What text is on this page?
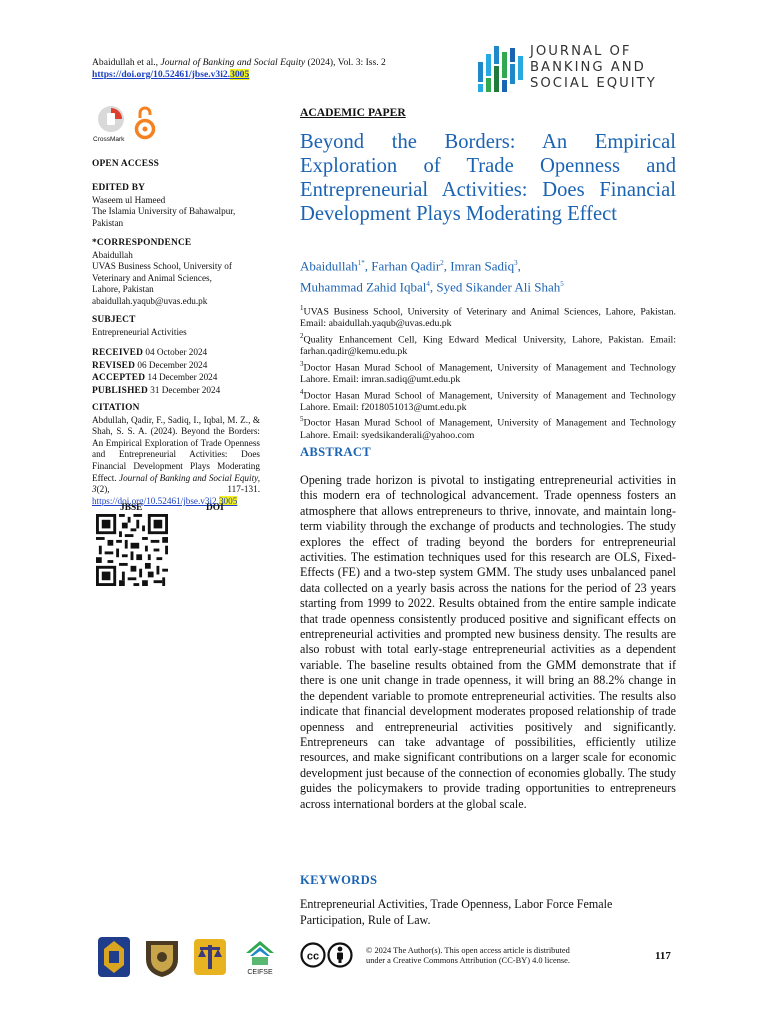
Abaidullah et al., Journal of Banking and Social Equity (2024), Vol. 3: Iss. 2
https://doi.org/10.52461/jbse.v3i2.3005
JOURNAL OF
BANKING AND
SOCIAL EQUITY
CrossMark
OPEN ACCESS
EDITED BY
Waseem ul Hameed
The Islamia University of Bahawalpur,
Pakistan
*CORRESPONDENCE
Abaidullah
UVAS Business School, University of
Veterinary and Animal Sciences,
Lahore, Pakistan
abaidullah.yaqub@uvas.edu.pk
SUBJECT
Entrepreneurial Activities
RECEIVED 04 October 2024
REVISED 06 December 2024
ACCEPTED 14 December 2024
PUBLISHED 31 December 2024
CITATION
Abdullah, Qadir, F., Sadiq, I., Iqbal, M. Z., & Shah, S. S. A. (2024). Beyond the Borders: An Empirical Exploration of Trade Openness and Entrepreneurial Activities: Does Financial Development Plays Moderating Effect. Journal of Banking and Social Equity, 3(2), 117-131. https://doi.org/10.52461/jbse.v3i2.3005
JBSE	DOI
ACADEMIC PAPER
Beyond the Borders: An Empirical Exploration of Trade Openness and Entrepreneurial Activities: Does Financial Development Plays Moderating Effect
Abaidullah$^{1*}$, Farhan Qadir$^2$, Imran Sadiq$^3$,
Muhammad Zahid Iqbal$^4$, Syed Sikander Ali Shah$^5$

$^1$UVAS Business School, University of Veterinary and Animal Sciences, Lahore, Pakistan. Email: abaidullah.yaqub@uvas.edu.pk

$^2$Quality Enhancement Cell, King Edward Medical University, Lahore, Pakistan. Email: farhan.qadir@kemu.edu.pk

$^3$Doctor Hasan Murad School of Management, University of Management and Technology Lahore. Email: imran.sadiq@umt.edu.pk

$^4$Doctor Hasan Murad School of Management, University of Management and Technology Lahore. Email: f2018051013@umt.edu.pk

$^5$Doctor Hasan Murad School of Management, University of Management and Technology Lahore. Email: syedsikanderali@yahoo.com

ABSTRACT
Opening trade horizon is pivotal to instigating entrepreneurial activities in this modern era of technological advancement. Trade openness fosters an atmosphere that allows entrepreneurs to thrive, innovate, and maintain long-term viability through the exchange of products and technologies. The study explores the effect of trading beyond the borders for entrepreneurial activities. The estimation techniques used for this research are OLS, Fixed-Effects (FE) and a two-step system GMM. The study uses unbalanced panel data collected on a yearly basis across the nations for the period of 23 years starting from 1999 to 2022. Results obtained from the entire sample indicate that trade openness consistently produced positive and significant effects on entrepreneurial activities and prompted new business density. The results are also robust with total early-stage entrepreneurial activities as a dependent variable. The baseline results obtained from the GMM demonstrate that if there is one unit change in trade openness, it will bring an 88.2% change in the dependent variable to promote entrepreneurial activities. The results also indicate that financial development moderates proposed relationship of trade openness and entrepreneurial activities positively and significantly. Entrepreneurs can take advantage of possibilities, efficiently utilize resources, and make significant contributions on a larger scale for economic development just because of the connection of economies globally. The study guides the policymakers to provide trading opportunities to entrepreneurs across international borders at the global scale.
KEYWORDS
Entrepreneurial Activities, Trade Openness, Labor Force Female Participation, Rule of Law.
CEIFSE
cc	© 2024 The Author(s). This open access article is distributed
under a Creative Commons Attribution (CC-BY) 4.0 license.	117
